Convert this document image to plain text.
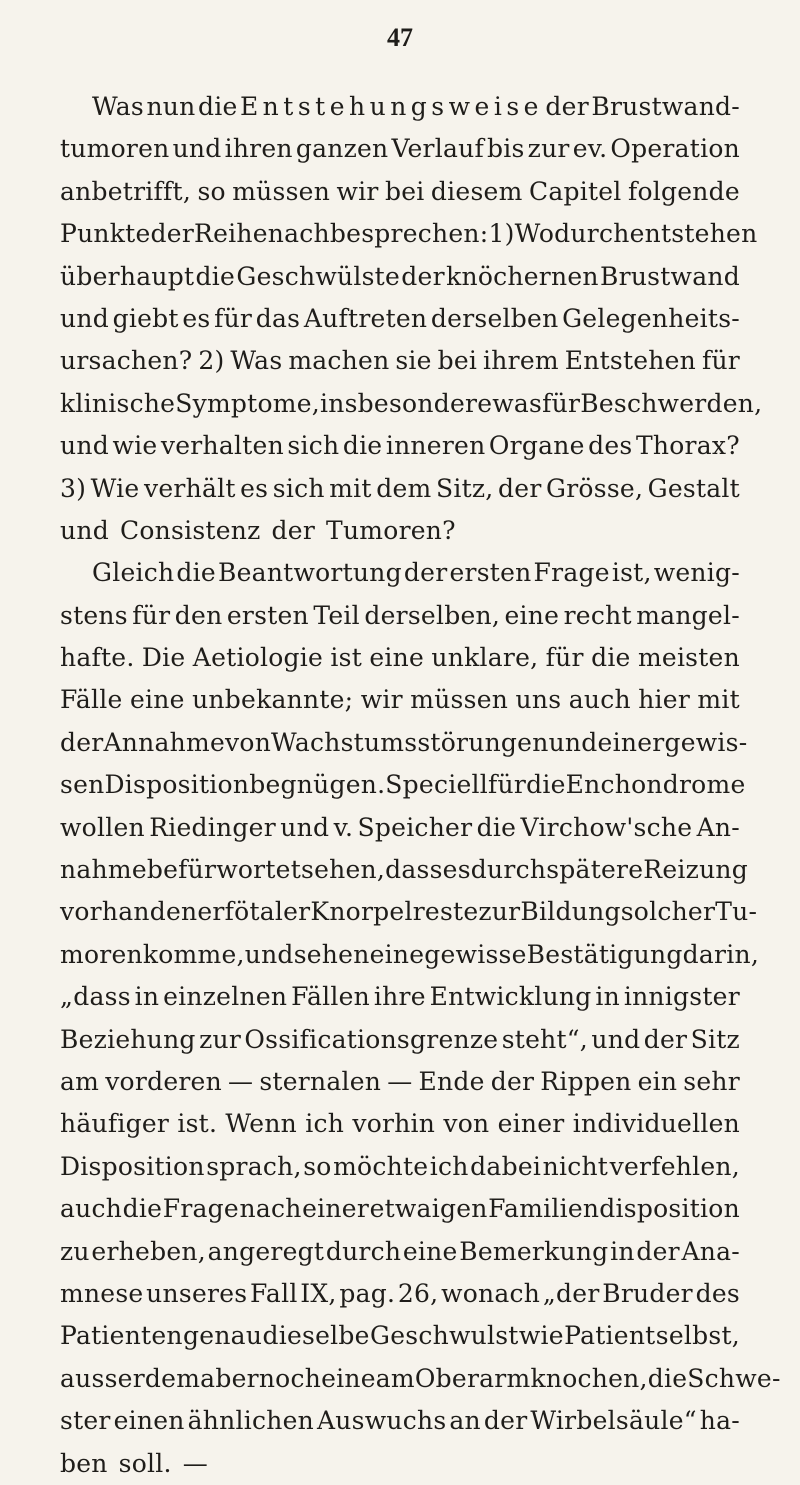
47
Was nun die Entstehungsweise der Brustwand-
tumoren und ihren ganzen Verlauf bis zur ev. Operation
anbetrifft, so müssen wir bei diesem Capitel folgende
Punkte der Reihe nach besprechen: 1) Wodurch entstehen
überhaupt die Geschwülste der knöchernen Brustwand
und giebt es für das Auftreten derselben Gelegenheits-
ursachen? 2) Was machen sie bei ihrem Entstehen für
klinische Symptome, insbesondere was für Beschwerden,
und wie verhalten sich die inneren Organe des Thorax?
3) Wie verhält es sich mit dem Sitz, der Grösse, Gestalt
und Consistenz der Tumoren?
Gleich die Beantwortung der ersten Frage ist, wenig-
stens für den ersten Teil derselben, eine recht mangel-
hafte. Die Aetiologie ist eine unklare, für die meisten
Fälle eine unbekannte; wir müssen uns auch hier mit
der Annahme von Wachstumsstörungen und einer gewis-
sen Disposition begnügen. Speciell für die Enchondrome
wollen Riedinger und v. Speicher die Virchow'sche An-
nahme befürwortet sehen, dass es durch spätere Reizung
vorhandener fötaler Knorpelreste zur Bildung solcher Tu-
moren komme, und sehen eine gewisse Bestätigung darin,
„dass in einzelnen Fällen ihre Entwicklung in innigster
Beziehung zur Ossificationsgrenze steht“, und der Sitz
am vorderen — sternalen — Ende der Rippen ein sehr
häufiger ist. Wenn ich vorhin von einer individuellen
Disposition sprach, so möchte ich dabei nicht verfehlen,
auch die Frage nach einer etwaigen Familiendisposition
zu erheben, angeregt durch eine Bemerkung in der Ana-
mnese unseres Fall IX, pag. 26, wonach „der Bruder des
Patienten genau dieselbe Geschwulst wie Patient selbst,
ausserdem aber noch eine am Oberarmknochen, die Schwe-
ster einen ähnlichen Auswuchs an der Wirbelsäule“ ha-
ben soll. —
